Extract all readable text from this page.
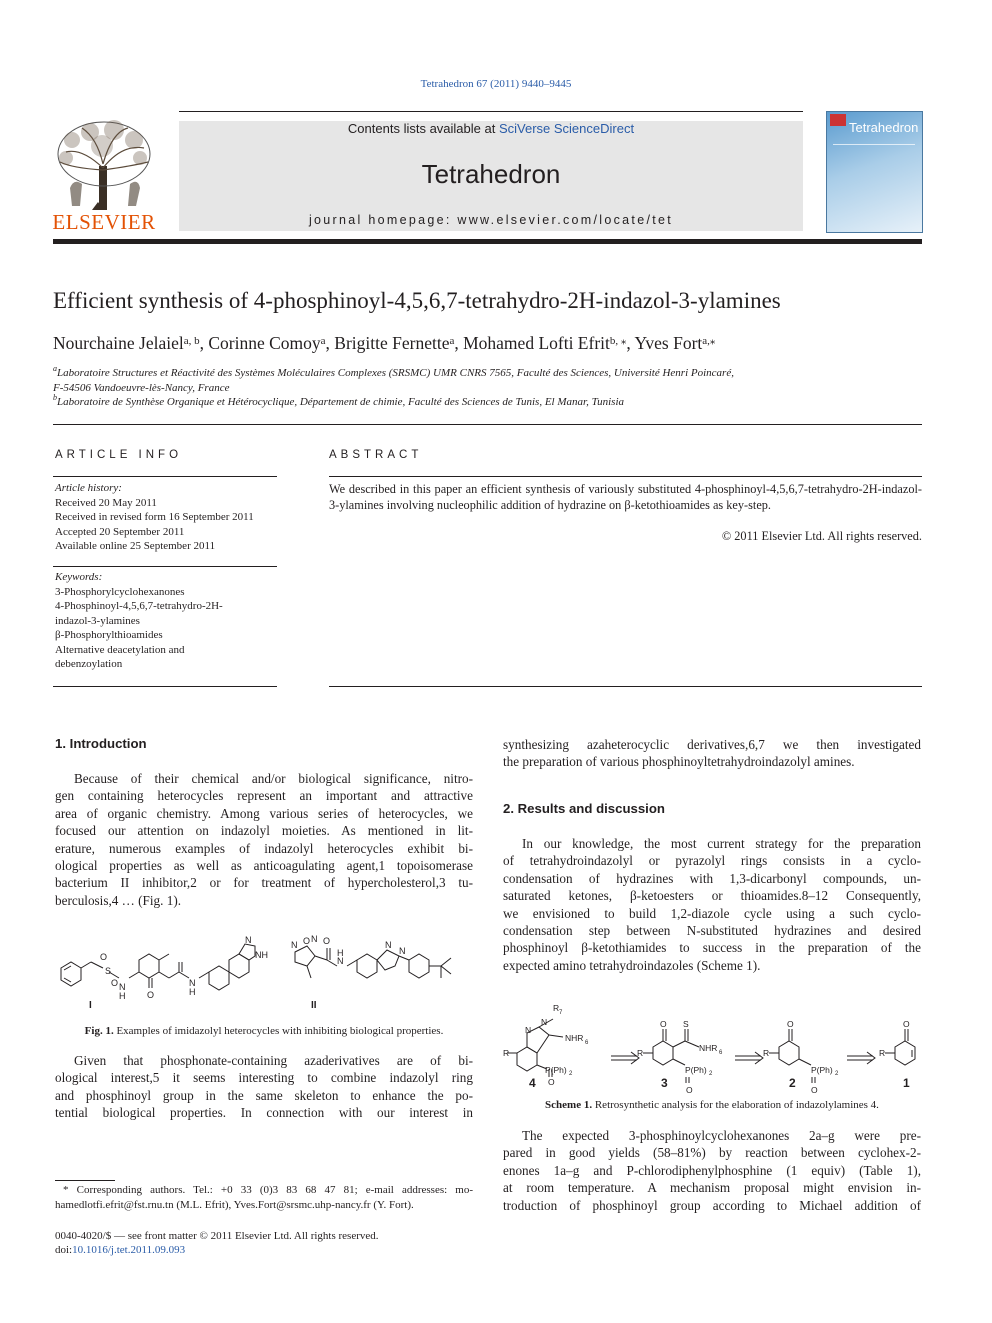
Tetrahedron 67 (2011) 9440–9445
ELSEVIER
Contents lists available at SciVerse ScienceDirect
Tetrahedron
journal homepage: www.elsevier.com/locate/tet
Tetrahedron
Efficient synthesis of 4-phosphinoyl-4,5,6,7-tetrahydro-2H-indazol-3-ylamines
Nourchaine Jelaiel$^{a, b}$, Corinne Comoy$^a$, Brigitte Fernette$^a$, Mohamed Lofti Efrit$^{b, ⁎}$, Yves Fort$^{a,⁎}$
$^a$Laboratoire Structures et Réactivité des Systèmes Moléculaires Complexes (SRSMC) UMR CNRS 7565, Faculté des Sciences, Université Henri Poincaré,
F-54506 Vandoeuvre-lès-Nancy, France
$^b$Laboratoire de Synthèse Organique et Hétérocyclique, Département de chimie, Faculté des Sciences de Tunis, El Manar, Tunisia
ARTICLE INFO
Article history:
Received 20 May 2011
Received in revised form 16 September 2011
Accepted 20 September 2011
Available online 25 September 2011
Keywords:
3-Phosphorylcyclohexanones
4-Phosphinoyl-4,5,6,7-tetrahydro-2H-
indazol-3-ylamines
β-Phosphorylthioamides
Alternative deacetylation and
debenzoylation
ABSTRACT
We described in this paper an efficient synthesis of variously substituted 4-phosphinoyl-4,5,6,7-tetrahydro-2H-indazol-3-ylamines involving nucleophilic addition of hydrazine on β-ketothioamides as key-step.
© 2011 Elsevier Ltd. All rights reserved.
1. Introduction
Because of their chemical and/or biological significance, nitro-
gen containing heterocycles represent an important and attractive
area of organic chemistry. Among various series of heterocycles, we
focused our attention on indazolyl moieties. As mentioned in lit-
erature, numerous examples of indazolyl heterocycles exhibit bi-
ological properties as well as anticoagulating agent,1 topoisomerase
bacterium II inhibitor,2 or for treatment of hypercholesterol,3 tu-
berculosis,4 … (Fig. 1).
S
O
O N
H O
N
H
N
NH
N O N O
N
H
N
N
I	II
Fig. 1. Examples of imidazolyl heterocycles with inhibiting biological properties.
Given that phosphonate-containing azaderivatives are of bi-
ological interest,5 it seems interesting to combine indazolyl ring
and phosphinoyl group in the same skeleton to enhance the po-
tential biological properties. In connection with our interest in
* Corresponding authors. Tel.: +0 33 (0)3 83 68 47 81; e-mail addresses: mo-
hamedlotfi.efrit@fst.rnu.tn (M.L. Efrit), Yves.Fort@srsmc.uhp-nancy.fr (Y. Fort).
0040-4020/$ — see front matter © 2011 Elsevier Ltd. All rights reserved.
doi:10.1016/j.tet.2011.09.093
synthesizing azaheterocyclic derivatives,6,7 we then investigated
the preparation of various phosphinoyltetrahydroindazolyl amines.
2. Results and discussion
In our knowledge, the most current strategy for the preparation
of tetrahydroindazolyl or pyrazolyl rings consists in a cyclo-
condensation of hydrazines with 1,3-dicarbonyl compounds, un-
saturated ketones, β-ketoesters or thioamides.8–12 Consequently,
we envisioned to build 1,2-diazole cycle using a such cyclo-
condensation step between N-substituted hydrazines and desired
phosphinoyl β-ketothiamides to success in the preparation of the
expected amino tetrahydroindazoles (Scheme 1).
R 7
N
N
NHR 6
R
P(Ph) 2
O
O S
NHR 6
R
P(Ph) 2
O
O
R
P(Ph) 2
O
O
R
4	3	2	1
Scheme 1. Retrosynthetic analysis for the elaboration of indazolylamines 4.
The expected 3-phosphinoylcyclohexanones 2a–g were pre-
pared in good yields (58–81%) by reaction between cyclohex-2-
enones 1a–g and P-chlorodiphenylphosphine (1 equiv) (Table 1),
at room temperature. A mechanism proposal might envision in-
troduction of phosphinoyl group according to Michael addition of
